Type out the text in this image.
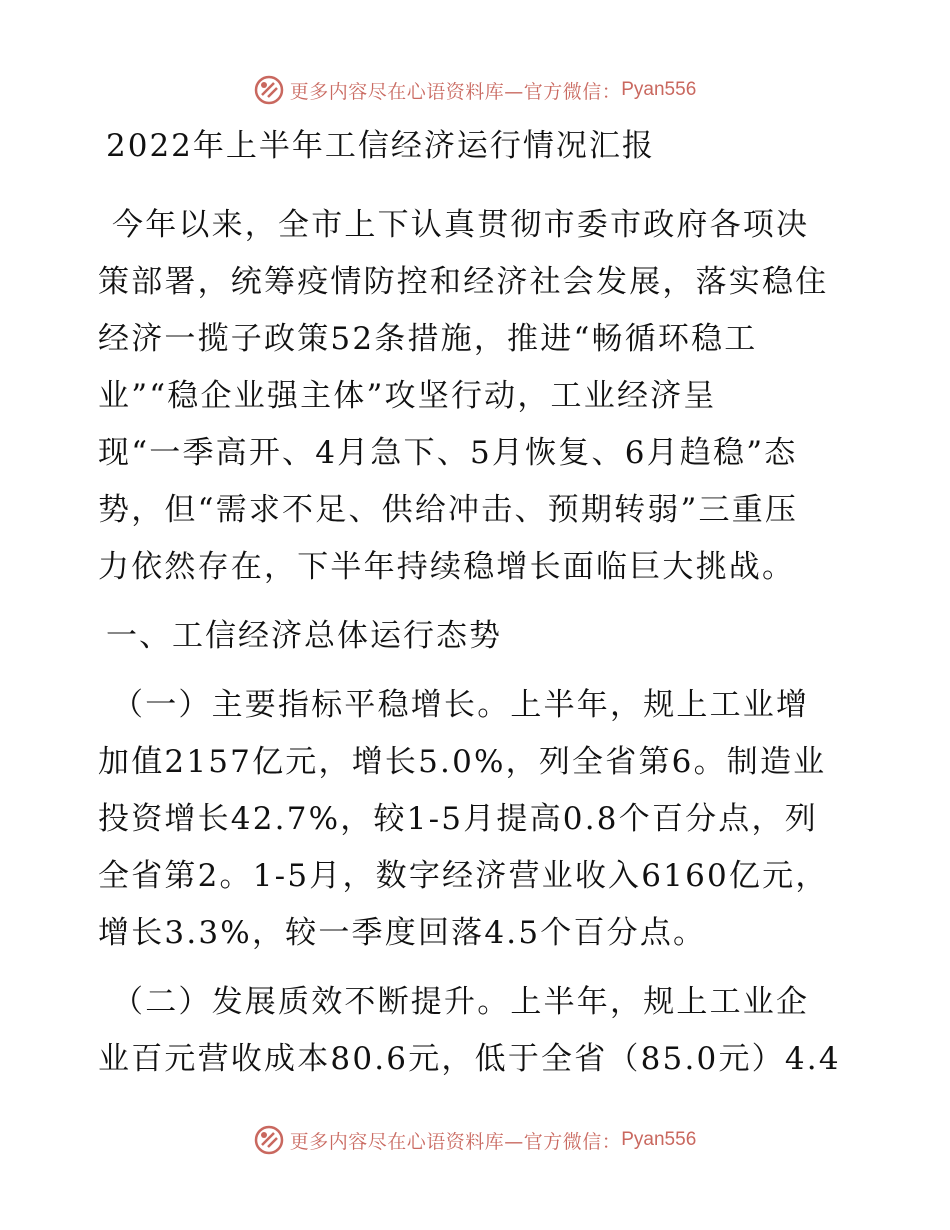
更多内容尽在心语资料库—官方微信： Pyan556
2022年上半年工信经济运行情况汇报

今年以来，全市上下认真贯彻市委市政府各项决
策部署，统筹疫情防控和经济社会发展，落实稳住
经济一揽子政策52条措施，推进“畅循环稳工
业”“稳企业强主体”攻坚行动，工业经济呈
现“一季高开、4月急下、5月恢复、6月趋稳”态
势，但“需求不足、供给冲击、预期转弱”三重压
力依然存在，下半年持续稳增长面临巨大挑战。

一、工信经济总体运行态势

（一）主要指标平稳增长。上半年，规上工业增
加值2157亿元，增长5.0%，列全省第6。制造业
投资增长42.7%，较1-5月提高0.8个百分点，列
全省第2。1-5月，数字经济营业收入6160亿元，
增长3.3%，较一季度回落4.5个百分点。

（二）发展质效不断提升。上半年，规上工业企
业百元营收成本80.6元，低于全省（85.0元）4.4

更多内容尽在心语资料库—官方微信： Pyan556
